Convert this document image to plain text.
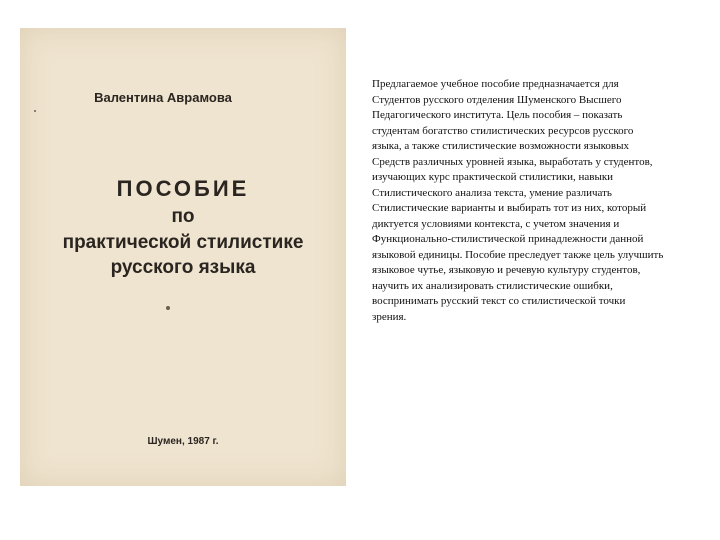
Валентина Аврамова
ПОСОБИЕ
по
практической стилистике
русского языка
Шумен, 1987 г.

Предлагаемое учебное пособие предназначается для

Студентов русского отделения Шуменского Высшего

Педагогического института. Цель пособия – показать

студентам богатство стилистических ресурсов русского

языка, а также стилистические возможности языковых

Средств различных уровней языка, выработать у студентов,

изучающих курс практической стилистики, навыки

Стилистического анализа текста, умение различать

Стилистические варианты и выбирать тот из них, который

диктуется условиями контекста, с учетом значения и

Функционально-стилистической принадлежности данной

языковой единицы. Пособие преследует также цель улучшить

языковое чутье, языковую и речевую культуру студентов,

научить их анализировать стилистические ошибки,

воспринимать русский текст со стилистической точки

зрения.
